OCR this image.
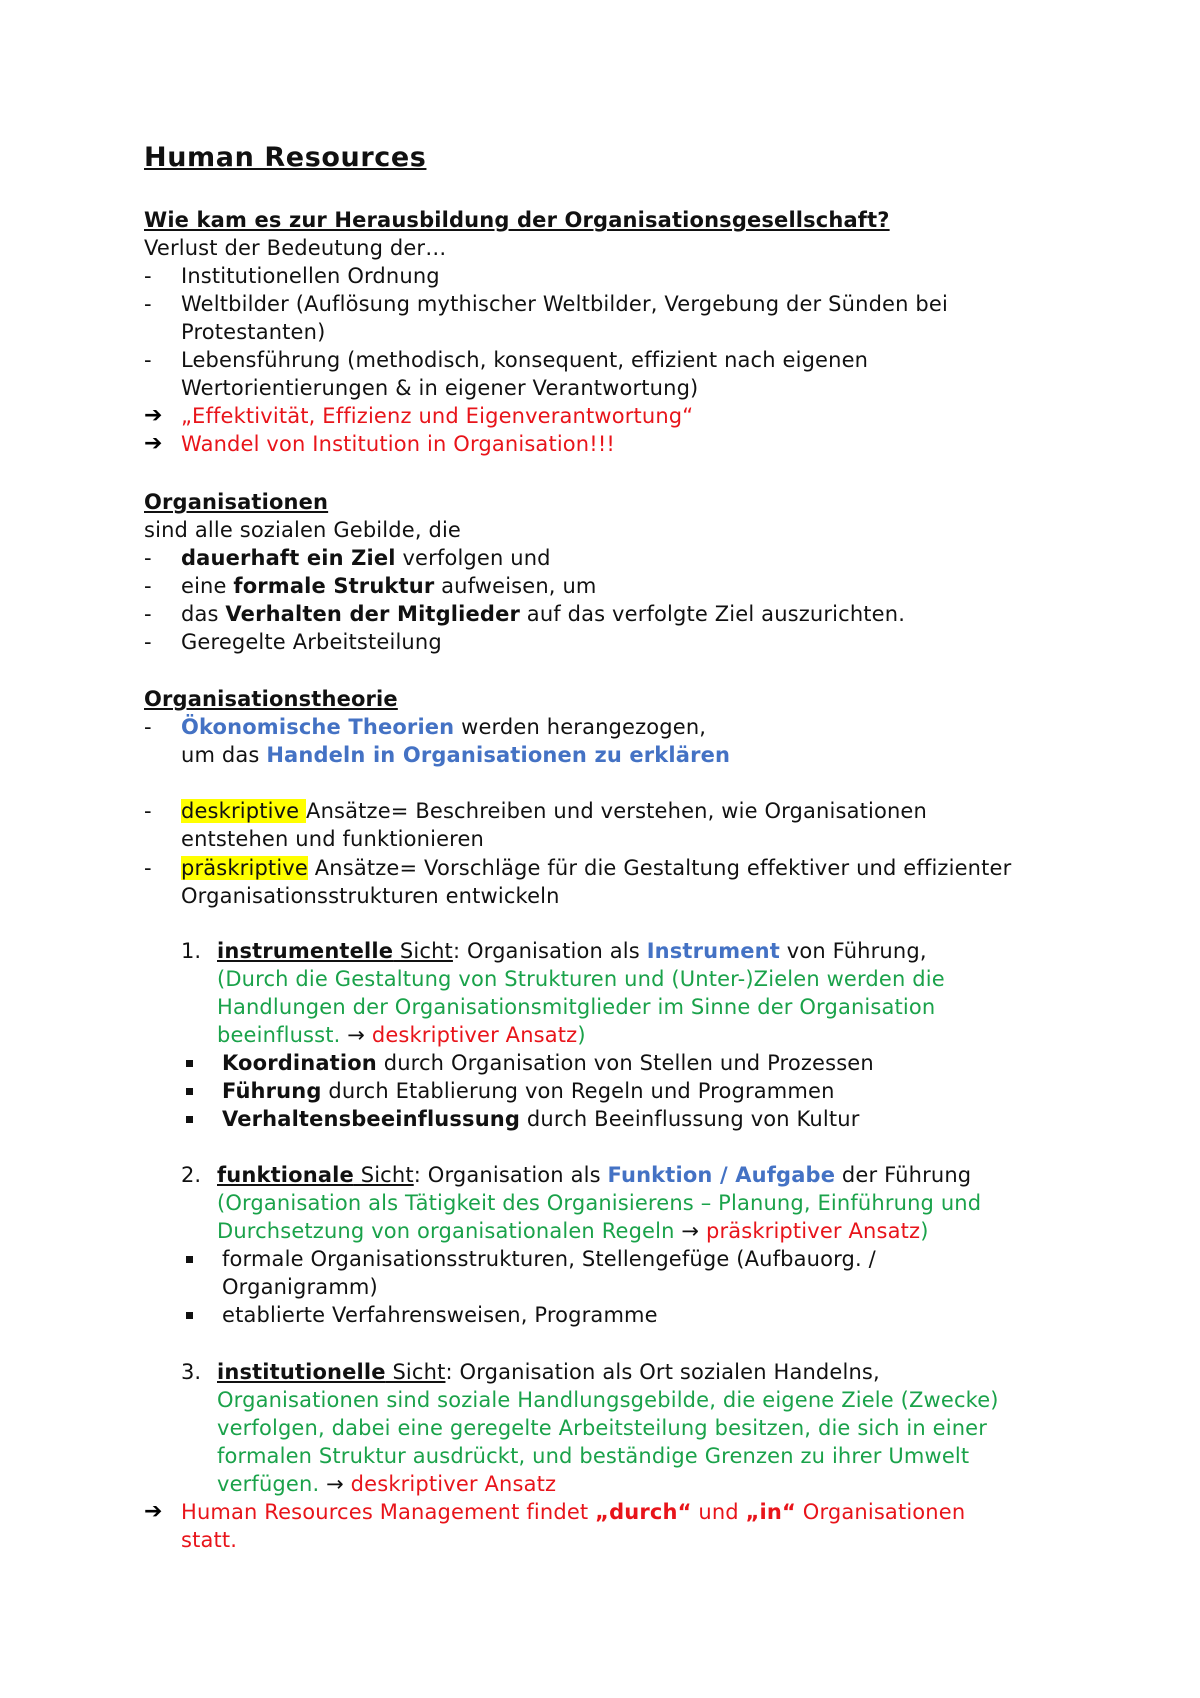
Human Resources
Wie kam es zur Herausbildung der Organisationsgesellschaft?
Verlust der Bedeutung der…
- Institutionellen Ordnung
- Weltbilder (Auflösung mythischer Weltbilder, Vergebung der Sünden bei
Protestanten)
- Lebensführung (methodisch, konsequent, effizient nach eigenen
Wertorientierungen & in eigener Verantwortung)
➔ „Effektivität, Effizienz und Eigenverantwortung“
➔ Wandel von Institution in Organisation!!!
Organisationen
sind alle sozialen Gebilde, die
- dauerhaft ein Ziel verfolgen und
- eine formale Struktur aufweisen, um
- das Verhalten der Mitglieder auf das verfolgte Ziel auszurichten.
- Geregelte Arbeitsteilung
Organisationstheorie
- Ökonomische Theorien werden herangezogen,
um das Handeln in Organisationen zu erklären
- deskriptive Ansätze= Beschreiben und verstehen, wie Organisationen
entstehen und funktionieren
- präskriptive Ansätze= Vorschläge für die Gestaltung effektiver und effizienter
Organisationsstrukturen entwickeln
1. instrumentelle Sicht: Organisation als Instrument von Führung,
(Durch die Gestaltung von Strukturen und (Unter-)Zielen werden die
Handlungen der Organisationsmitglieder im Sinne der Organisation
beeinflusst. → deskriptiver Ansatz)
Koordination durch Organisation von Stellen und Prozessen
Führung durch Etablierung von Regeln und Programmen
Verhaltensbeeinflussung durch Beeinflussung von Kultur
2. funktionale Sicht: Organisation als Funktion / Aufgabe der Führung
(Organisation als Tätigkeit des Organisierens – Planung, Einführung und
Durchsetzung von organisationalen Regeln → präskriptiver Ansatz)
formale Organisationsstrukturen, Stellengefüge (Aufbauorg. /
Organigramm)
etablierte Verfahrensweisen, Programme
3. institutionelle Sicht: Organisation als Ort sozialen Handelns,
Organisationen sind soziale Handlungsgebilde, die eigene Ziele (Zwecke)
verfolgen, dabei eine geregelte Arbeitsteilung besitzen, die sich in einer
formalen Struktur ausdrückt, und beständige Grenzen zu ihrer Umwelt
verfügen. → deskriptiver Ansatz
➔ Human Resources Management findet „durch“ und „in“ Organisationen
statt.
